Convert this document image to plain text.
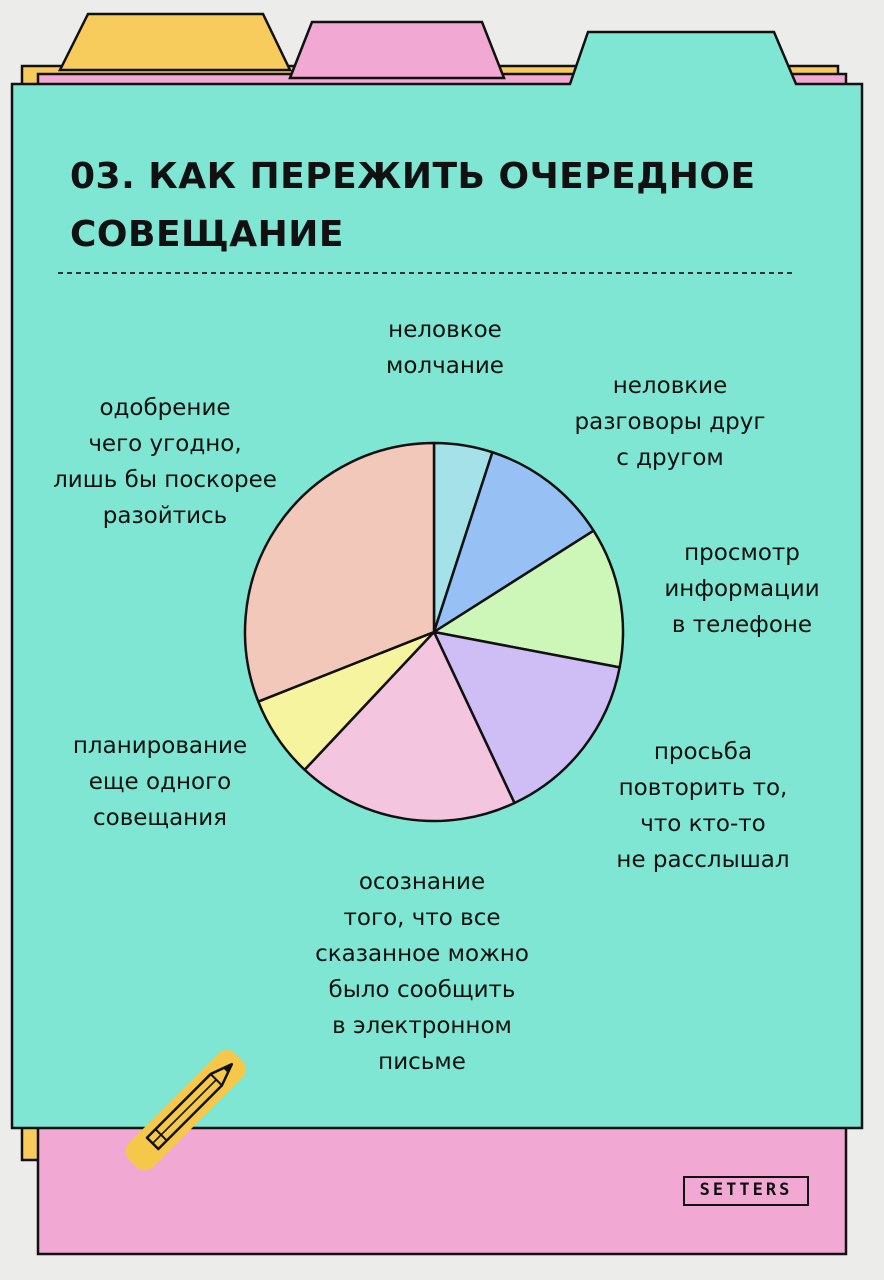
03. КАК ПЕРЕЖИТЬ ОЧЕРЕДНОЕ
СОВЕЩАНИЕ
неловкое
молчание
неловкие
разговоры друг
с другом
просмотр
информации
в телефоне
просьба
повторить то,
что кто-то
не расслышал
осознание
того, что все
сказанное можно
было сообщить
в электронном
письме
планирование
еще одного
совещания
одобрение
чего угодно,
лишь бы поскорее
разойтись
SETTERS
